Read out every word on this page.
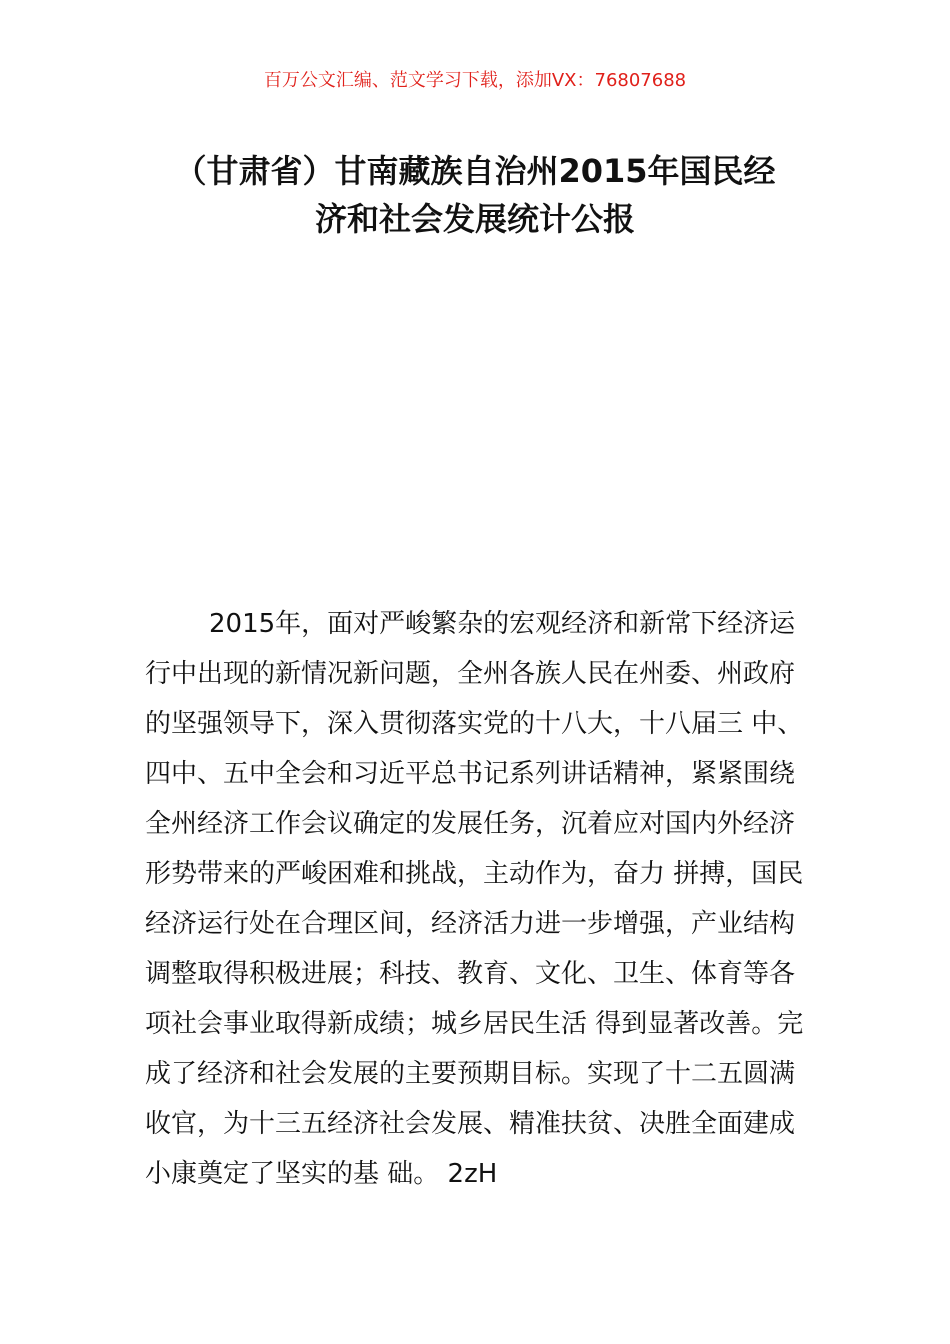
百万公文汇编、范文学习下载，添加VX：76807688
（甘肃省）甘南藏族自治州2015年国民经
济和社会发展统计公报
2015年，面对严峻繁杂的宏观经济和新常下经济运
行中出现的新情况新问题，全州各族人民在州委、州政府
的坚强领导下，深入贯彻落实党的十八大，十八届三 中、
四中、五中全会和习近平总书记系列讲话精神，紧紧围绕
全州经济工作会议确定的发展任务，沉着应对国内外经济
形势带来的严峻困难和挑战，主动作为，奋力 拼搏，国民
经济运行处在合理区间，经济活力进一步增强，产业结构
调整取得积极进展；科技、教育、文化、卫生、体育等各
项社会事业取得新成绩；城乡居民生活 得到显著改善。完
成了经济和社会发展的主要预期目标。实现了十二五圆满
收官，为十三五经济社会发展、精准扶贫、决胜全面建成
小康奠定了坚实的基 础。 2zH
